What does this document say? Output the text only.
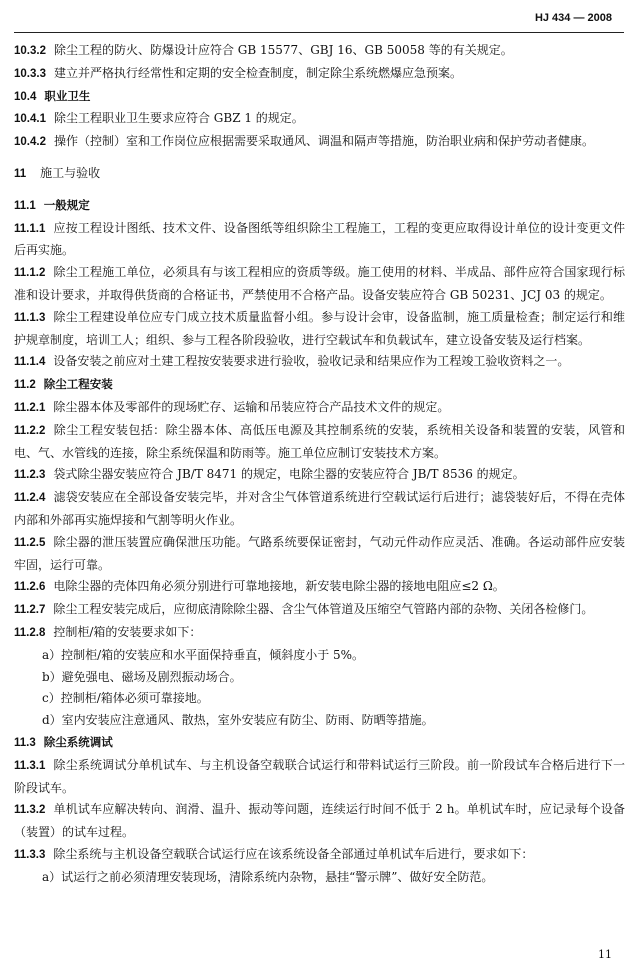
HJ 434 — 2008

10.3.2 除尘工程的防火、防爆设计应符合 GB 15577、GBJ 16、GB 50058 等的有关规定。

10.3.3 建立并严格执行经常性和定期的安全检查制度，制定除尘系统燃爆应急预案。

10.4 职业卫生

10.4.1 除尘工程职业卫生要求应符合 GBZ 1 的规定。

10.4.2 操作（控制）室和工作岗位应根据需要采取通风、调温和隔声等措施，防治职业病和保护劳动者健康。

11 施工与验收

11.1 一般规定

11.1.1 应按工程设计图纸、技术文件、设备图纸等组织除尘工程施工，工程的变更应取得设计单位的设计变更文件后再实施。

11.1.2 除尘工程施工单位，必须具有与该工程相应的资质等级。施工使用的材料、半成品、部件应符合国家现行标准和设计要求，并取得供货商的合格证书，严禁使用不合格产品。设备安装应符合 GB 50231、JCJ 03 的规定。

11.1.3 除尘工程建设单位应专门成立技术质量监督小组。参与设计会审，设备监制，施工质量检查；制定运行和维护规章制度，培训工人；组织、参与工程各阶段验收，进行空载试车和负载试车，建立设备安装及运行档案。

11.1.4 设备安装之前应对土建工程按安装要求进行验收，验收记录和结果应作为工程竣工验收资料之一。

11.2 除尘工程安装

11.2.1 除尘器本体及零部件的现场贮存、运输和吊装应符合产品技术文件的规定。

11.2.2 除尘工程安装包括：除尘器本体、高低压电源及其控制系统的安装，系统相关设备和装置的安装，风管和电、气、水管线的连接，除尘系统保温和防雨等。施工单位应制订安装技术方案。

11.2.3 袋式除尘器安装应符合 JB/T 8471 的规定，电除尘器的安装应符合 JB/T 8536 的规定。

11.2.4 滤袋安装应在全部设备安装完毕，并对含尘气体管道系统进行空载试运行后进行；滤袋装好后，不得在壳体内部和外部再实施焊接和气割等明火作业。

11.2.5 除尘器的泄压装置应确保泄压功能。气路系统要保证密封，气动元件动作应灵活、准确。各运动部件应安装牢固，运行可靠。

11.2.6 电除尘器的壳体四角必须分别进行可靠地接地，新安装电除尘器的接地电阻应≤2 Ω。

11.2.7 除尘工程安装完成后，应彻底清除除尘器、含尘气体管道及压缩空气管路内部的杂物、关闭各检修门。

11.2.8 控制柜/箱的安装要求如下：

a）控制柜/箱的安装应和水平面保持垂直，倾斜度小于 5%。

b）避免强电、磁场及剧烈振动场合。

c）控制柜/箱体必须可靠接地。

d）室内安装应注意通风、散热，室外安装应有防尘、防雨、防晒等措施。

11.3 除尘系统调试

11.3.1 除尘系统调试分单机试车、与主机设备空载联合试运行和带料试运行三阶段。前一阶段试车合格后进行下一阶段试车。

11.3.2 单机试车应解决转向、润滑、温升、振动等问题，连续运行时间不低于 2 h。单机试车时，应记录每个设备（装置）的试车过程。

11.3.3 除尘系统与主机设备空载联合试运行应在该系统设备全部通过单机试车后进行，要求如下：

a）试运行之前必须清理安装现场，清除系统内杂物，悬挂“警示牌”、做好安全防范。

11
